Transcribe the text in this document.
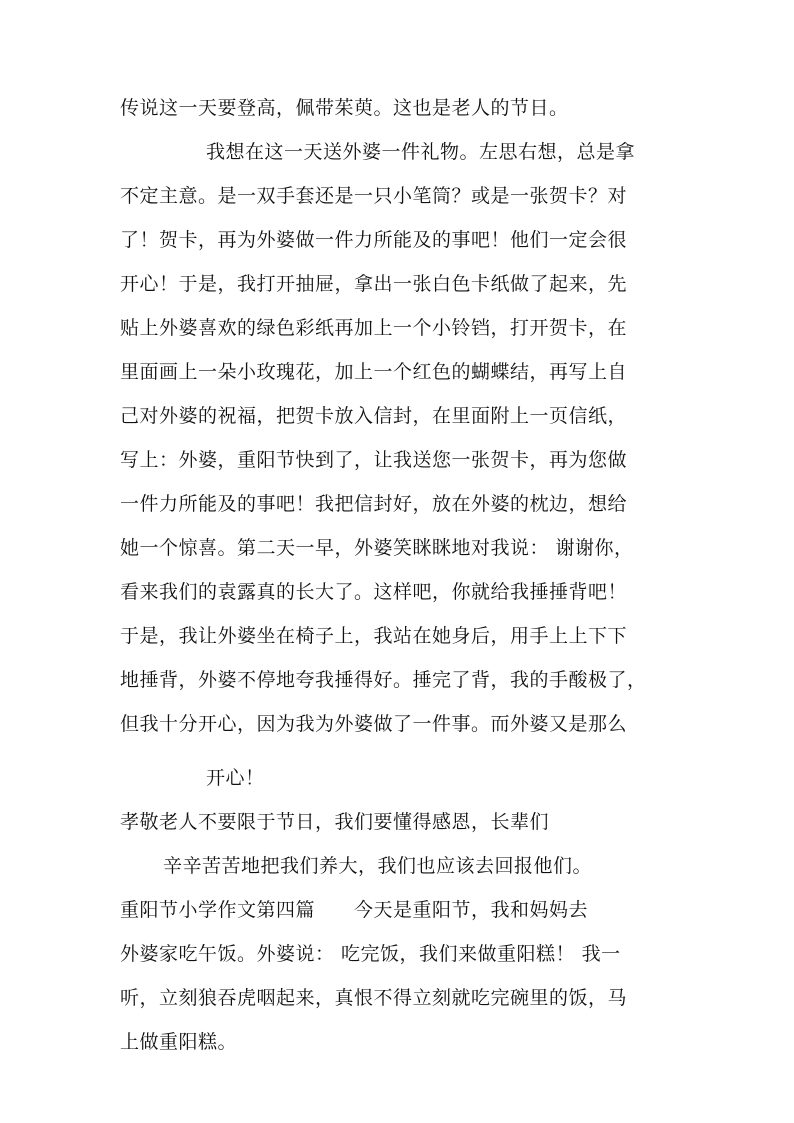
传说这一天要登高，佩带茱萸。这也是老人的节日。
我想在这一天送外婆一件礼物。左思右想，总是拿
不定主意。是一双手套还是一只小笔筒？或是一张贺卡？对
了！贺卡，再为外婆做一件力所能及的事吧！他们一定会很
开心！于是，我打开抽屉，拿出一张白色卡纸做了起来，先
贴上外婆喜欢的绿色彩纸再加上一个小铃铛，打开贺卡，在
里面画上一朵小玫瑰花，加上一个红色的蝴蝶结，再写上自
己对外婆的祝福，把贺卡放入信封，在里面附上一页信纸，
写上：外婆，重阳节快到了，让我送您一张贺卡，再为您做
一件力所能及的事吧！我把信封好，放在外婆的枕边，想给
她一个惊喜。第二天一早，外婆笑眯眯地对我说： 谢谢你，
看来我们的袁露真的长大了。这样吧，你就给我捶捶背吧！
于是，我让外婆坐在椅子上，我站在她身后，用手上上下下
地捶背，外婆不停地夸我捶得好。捶完了背，我的手酸极了，
但我十分开心，因为我为外婆做了一件事。而外婆又是那么
开心！
孝敬老人不要限于节日，我们要懂得感恩，长辈们
辛辛苦苦地把我们养大，我们也应该去回报他们。
重阳节小学作文第四篇　　今天是重阳节，我和妈妈去
外婆家吃午饭。外婆说： 吃完饭，我们来做重阳糕！ 我一
听，立刻狼吞虎咽起来，真恨不得立刻就吃完碗里的饭，马
上做重阳糕。
